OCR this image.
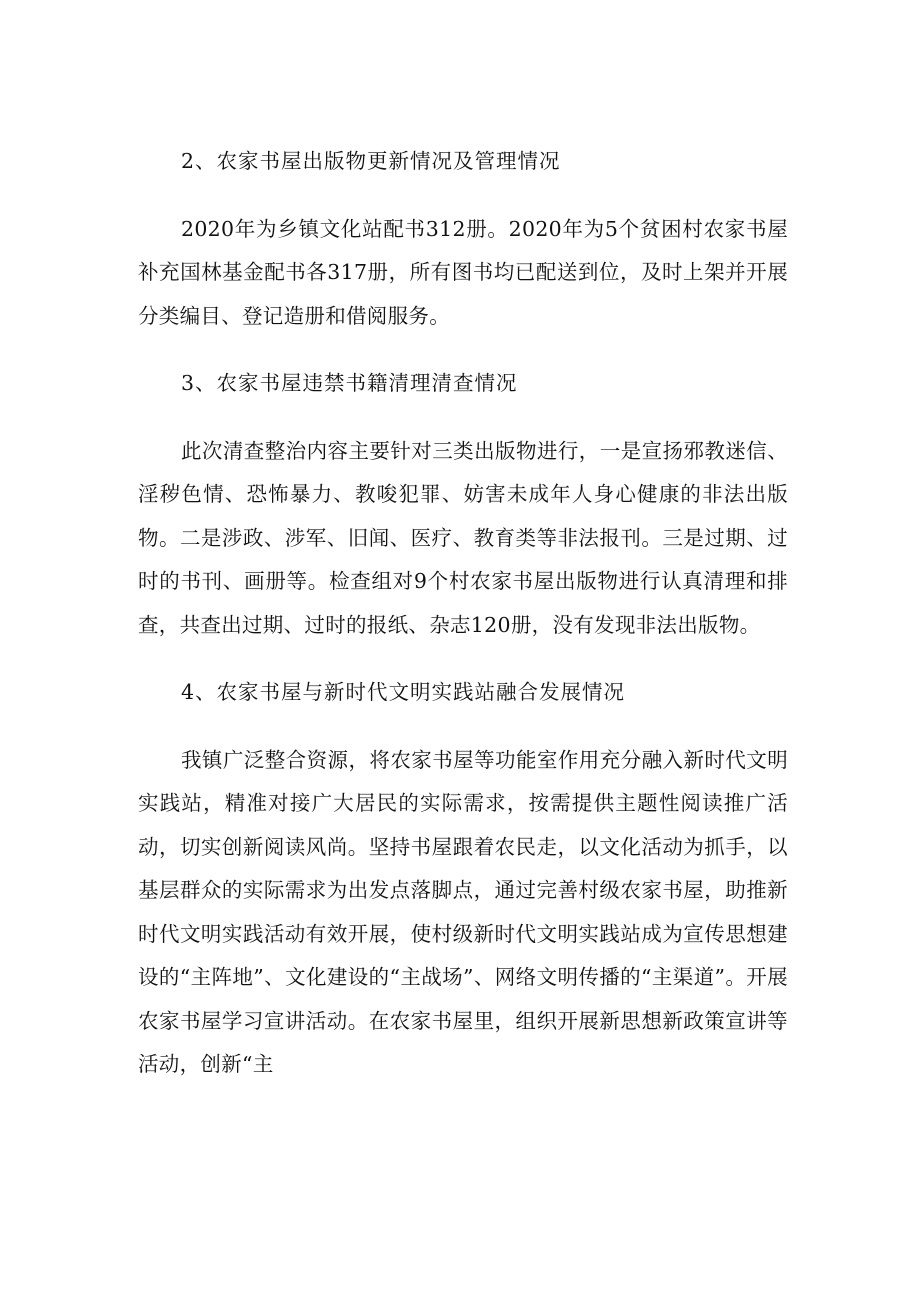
2、农家书屋出版物更新情况及管理情况

2020年为乡镇文化站配书312册。2020年为5个贫困村农家书屋补充国林基金配书各317册，所有图书均已配送到位，及时上架并开展分类编目、登记造册和借阅服务。

3、农家书屋违禁书籍清理清查情况

此次清查整治内容主要针对三类出版物进行，一是宣扬邪教迷信、淫秽色情、恐怖暴力、教唆犯罪、妨害未成年人身心健康的非法出版物。二是涉政、涉军、旧闻、医疗、教育类等非法报刊。三是过期、过时的书刊、画册等。检查组对9个村农家书屋出版物进行认真清理和排查，共查出过期、过时的报纸、杂志120册，没有发现非法出版物。

4、农家书屋与新时代文明实践站融合发展情况

我镇广泛整合资源，将农家书屋等功能室作用充分融入新时代文明实践站，精准对接广大居民的实际需求，按需提供主题性阅读推广活动，切实创新阅读风尚。坚持书屋跟着农民走，以文化活动为抓手，以基层群众的实际需求为出发点落脚点，通过完善村级农家书屋，助推新时代文明实践活动有效开展，使村级新时代文明实践站成为宣传思想建设的“主阵地”、文化建设的“主战场”、网络文明传播的“主渠道”。开展农家书屋学习宣讲活动。在农家书屋里，组织开展新思想新政策宣讲等活动，创新“主
